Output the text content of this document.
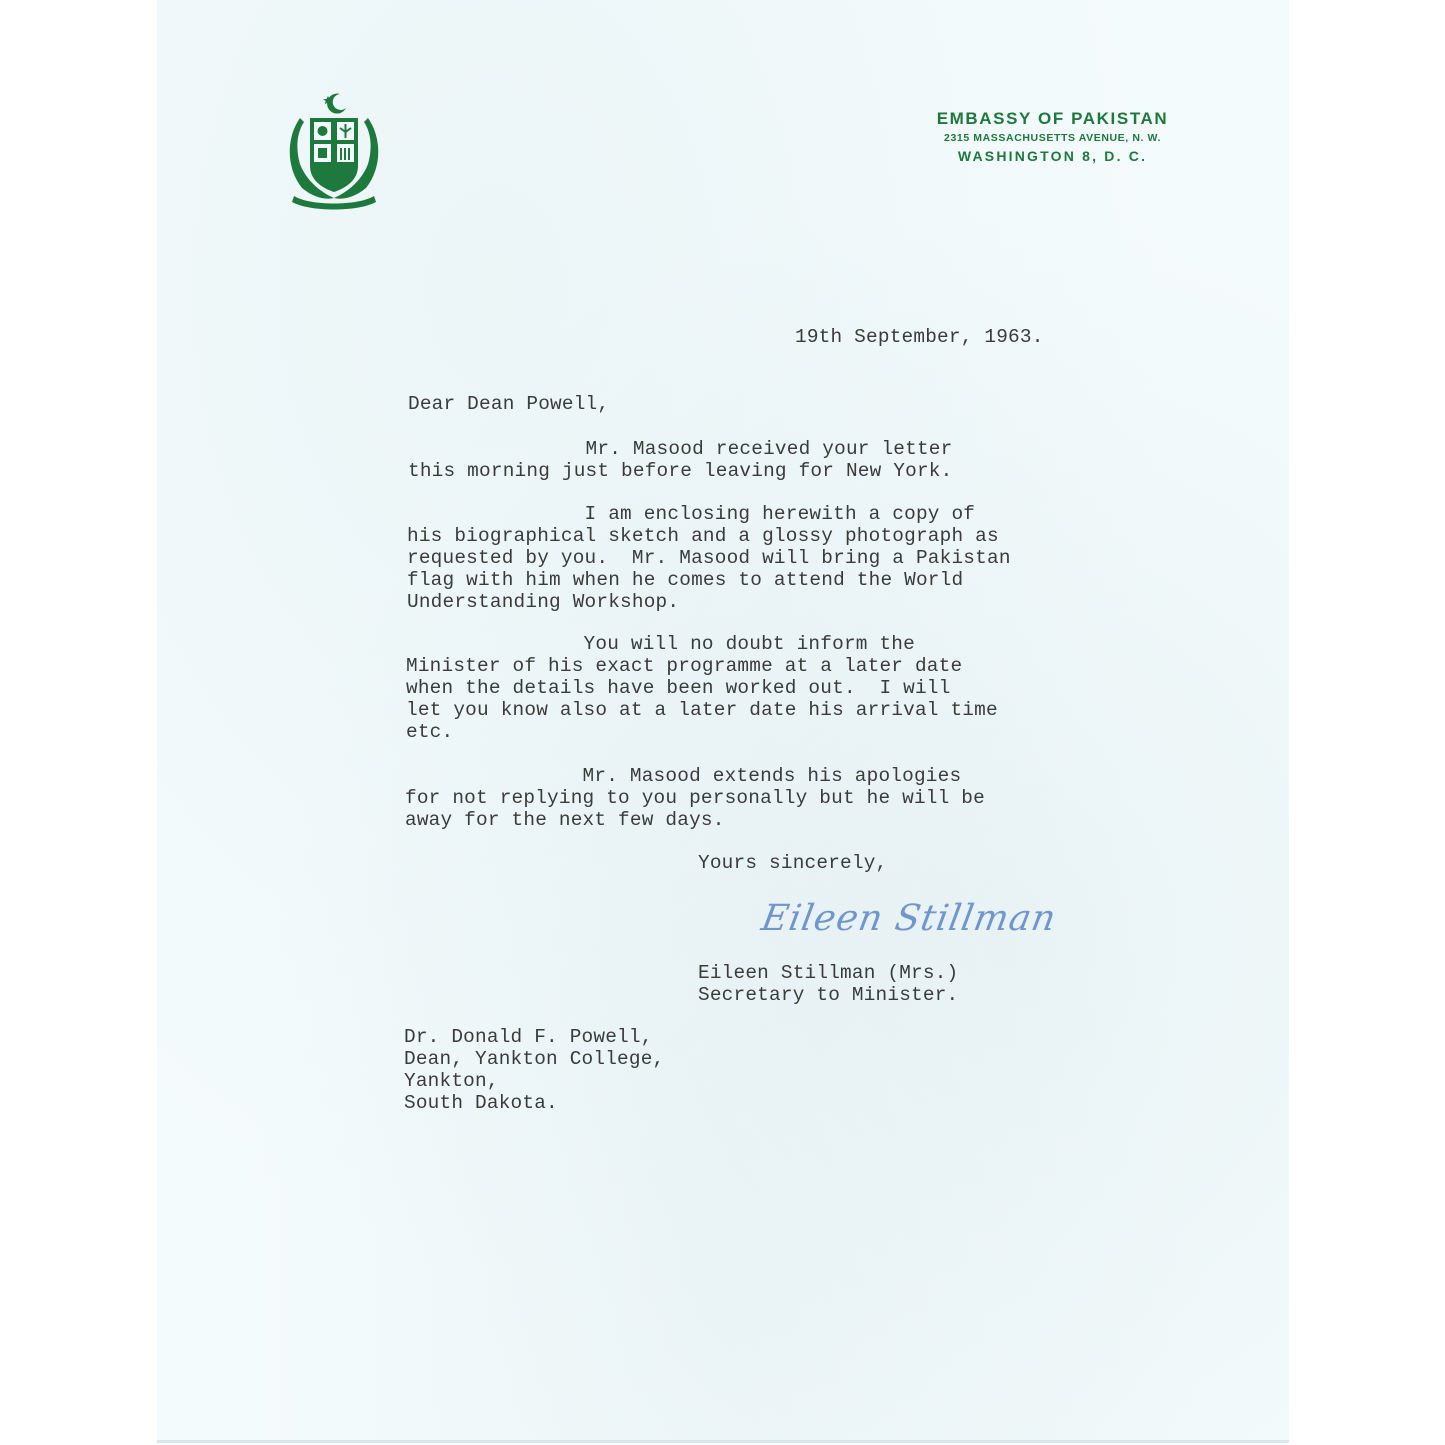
EMBASSY OF PAKISTAN
2315 MASSACHUSETTS AVENUE, N. W.
WASHINGTON 8, D. C.
19th September, 1963.
Dear Dean Powell,
Mr. Masood received your letter
this morning just before leaving for New York.
I am enclosing herewith a copy of
his biographical sketch and a glossy photograph as
requested by you.  Mr. Masood will bring a Pakistan
flag with him when he comes to attend the World
Understanding Workshop.
You will no doubt inform the
Minister of his exact programme at a later date
when the details have been worked out.  I will
let you know also at a later date his arrival time
etc.
Mr. Masood extends his apologies
for not replying to you personally but he will be
away for the next few days.
Yours sincerely,
Eileen Stillman
Eileen Stillman (Mrs.)
Secretary to Minister.
Dr. Donald F. Powell,
Dean, Yankton College,
Yankton,
South Dakota.
